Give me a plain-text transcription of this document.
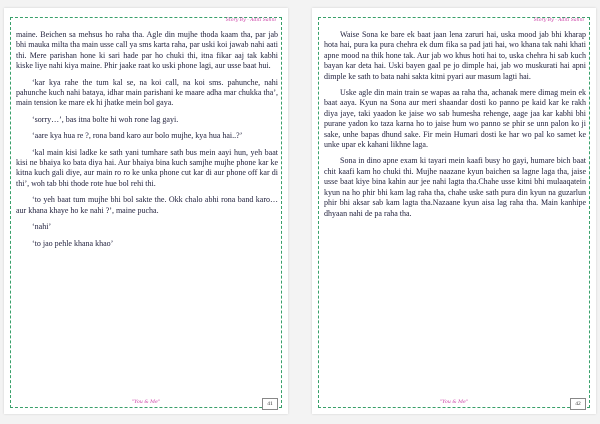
Story By - Aditi Sahni

maine. Beichen sa mehsus ho raha tha. Agle din mujhe thoda kaam tha, par jab bhi mauka milta tha main usse call ya sms karta raha, par uski koi jawab nahi aati thi. Mere parishan hone ki sari hade par ho chuki thi, itna fikar aaj tak kabhi kiske liye nahi kiya maine. Phir jaake raat ko uski phone lagi, aur usse baat hui.

‘kar kya rahe the tum kal se, na koi call, na koi sms. pahunche, nahi pahunche kuch nahi bataya, idhar main parishani ke maare adha mar chukka tha’, main tension ke mare ek hi jhatke mein bol gaya.

‘sorry…’, bas itna bolte hi woh rone lag gayi.

‘aare kya hua re ?, rona band karo aur bolo mujhe, kya hua hai..?’

‘kal main kisi ladke ke sath yani tumhare sath bus mein aayi hun, yeh baat kisi ne bhaiya ko bata diya hai. Aur bhaiya bina kuch samjhe mujhe phone kar ke kitna kuch gali diye, aur main ro ro ke unka phone cut kar di aur phone off kar di thi’, woh tab bhi thode rote hue bol rehi thi.

‘to yeh baat tum mujhe bhi bol sakte the. Okk chalo abhi rona band karo… aur khana khaye ho ke nahi ?’, maine pucha.

‘nahi’

‘to jao pehle khana khao’

"You & Me"	41
Story By - Aditi Sahni

Waise Sona ke bare ek baat jaan lena zaruri hai, uska mood jab bhi kharap hota hai, pura ka pura chehra ek dum fika sa pad jati hai, wo khana tak nahi khati apne mood na thik hone tak. Aur jab wo khus hoti hai to, uska chehra hi sab kuch bayan kar deta hai. Uski bayen gaal pe jo dimple hai, jab wo muskurati hai apni dimple ke sath to bata nahi sakta kitni pyari aur masum lagti hai.

Uske agle din main train se wapas aa raha tha, achanak mere dimag mein ek baat aaya. Kyun na Sona aur meri shaandar dosti ko panno pe kaid kar ke rakh diya jaye, taki yaadon ke jaise wo sab humesha rehenge, aage jaa kar kabhi bhi purane yadon ko taza karna ho to jaise hum wo panno se phir se unn palon ko ji sake, unhe bapas dhund sake. Fir mein Humari dosti ke har wo pal ko samet ke unke upar ek kahani likhne laga.

Sona in dino apne exam ki tayari mein kaafi busy ho gayi, humare bich baat chit kaafi kam ho chuki thi. Mujhe naazane kyun baichen sa lagne laga tha, jaise usse baat kiye bina kahin aur jee nahi lagta tha.Chahe usse kitni bhi mulaaqatein kyun na ho phir bhi kam lag raha tha, chahe uske sath pura din kyun na guzarlun phir bhi aksar sab kam lagta tha.Nazaane kyun aisa lag raha tha. Main kanhipe dhyaan nahi de pa raha tha.

"You & Me"	42
